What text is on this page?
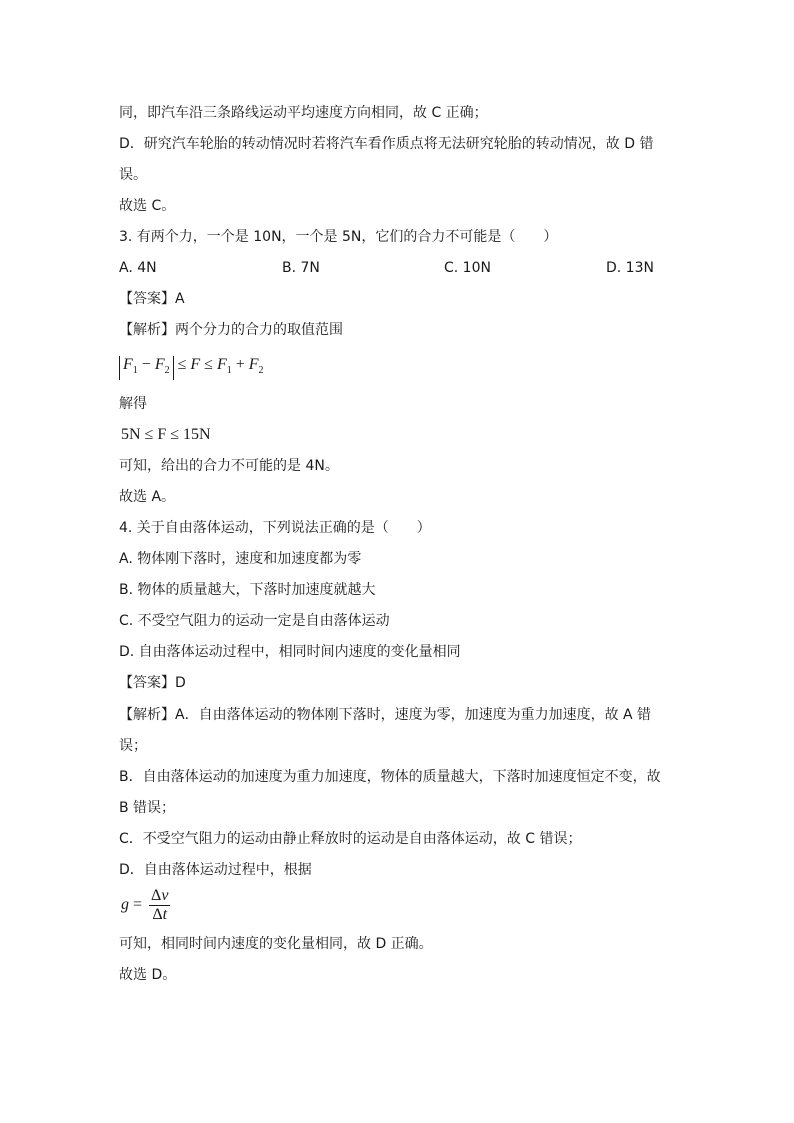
同，即汽车沿三条路线运动平均速度方向相同，故 C 正确；
D．研究汽车轮胎的转动情况时若将汽车看作质点将无法研究轮胎的转动情况，故 D 错
误。
故选 C。
3. 有两个力，一个是 10N，一个是 5N，它们的合力不可能是（　　）
A. 4N	B. 7N	C. 10N	D. 13N
【答案】A
【解析】两个分力的合力的取值范围
$F_1 - F_2 \le F \le F_1 + F_2$
解得
5N ≤ F ≤ 15N
可知，给出的合力不可能的是 4N。
故选 A。
4. 关于自由落体运动，下列说法正确的是（　　）
A. 物体刚下落时，速度和加速度都为零
B. 物体的质量越大，下落时加速度就越大
C. 不受空气阻力的运动一定是自由落体运动
D. 自由落体运动过程中，相同时间内速度的变化量相同
【答案】D
【解析】A．自由落体运动的物体刚下落时，速度为零，加速度为重力加速度，故 A 错
误；
B．自由落体运动的加速度为重力加速度，物体的质量越大，下落时加速度恒定不变，故
B 错误；
C．不受空气阻力的运动由静止释放时的运动是自由落体运动，故 C 错误；
D．自由落体运动过程中，根据
$g = \frac{\Delta v}{\Delta t}$
可知，相同时间内速度的变化量相同，故 D 正确。
故选 D。
